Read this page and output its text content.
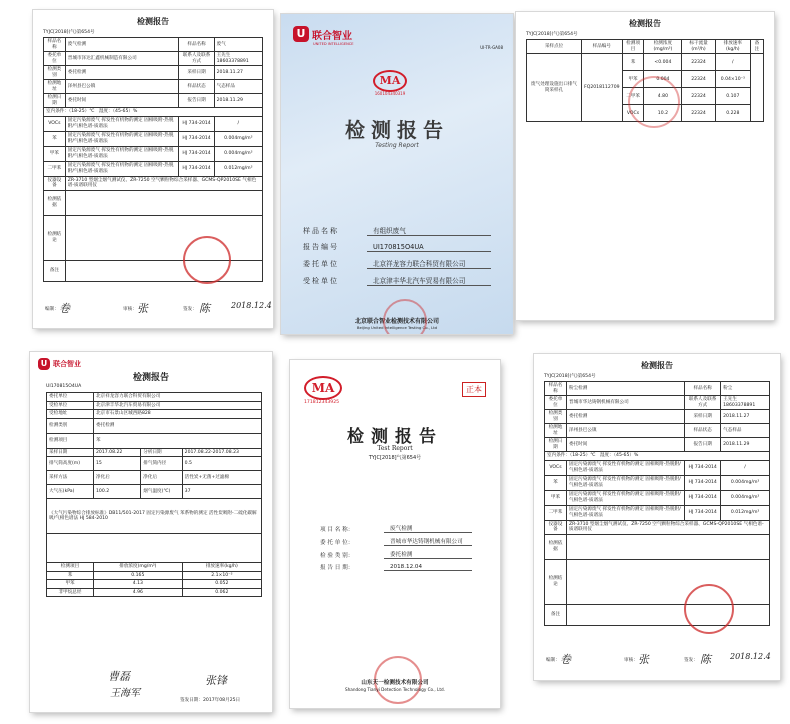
检测报告
TYJC[2018](气)第654号
样品名称	废气检测	样品名称	废气
委托单位	晋城市泽达汇鑫机械制造有限公司	联系人及联系方式	王先生 18603378891
检测类别	委托检测	采样日期	2018.11.27
检测地址	泽州县巴公镇	样品状态	气态样品
检测日期	委托时间	报告日期	2018.11.29
室内条件：（18-25）℃　湿度：（45-65）%			
VOCs	固定污染源废气 挥发性有机物的测定 固相吸附-热脱附/气相色谱-质谱法	HJ 734-2014	/
苯	固定污染源废气 挥发性有机物的测定 固相吸附-热脱附/气相色谱-质谱法	HJ 734-2014	0.004mg/m³
甲苯	固定污染源废气 挥发性有机物的测定 固相吸附-热脱附/气相色谱-质谱法	HJ 734-2014	0.004mg/m³
二甲苯	固定污染源废气 挥发性有机物的测定 固相吸附-热脱附/气相色谱-质谱法	HJ 734-2014	0.012mg/m³
仪器设备	ZR-3710 型烟尘烟气测试仪、ZR-7250 空气颗粒物综合采样器、GCMS-QP2010SE 气相色谱-质谱联用仪		
检测依据			
检测结论			
备注			
编制：	审核：	签发：
卷	张	陈	2018.12.4
U 联合智业
UNITED INTELLIGENCE
UI-TR-GA08
MA
160104340319
检测报告
Testing Report
样品名称	有组织废气
报告编号	UI170815O4UA
委托单位	北京祥龙容力联合科贸有限公司
受检单位	北京津丰华北汽车贸易有限公司
北京联合智业检测技术有限公司
Beijing United Intelligence Testing Co., Ltd
检测报告
TYJC[2018](气)第654号
采样点位	样品编号	检测项目	检测浓度(mg/m³)	标干流量(m³/h)	排放速率(kg/h)	备注
废气处理设施出口排气筒采样孔	FQ2018112709	苯	<0.004	22324	/	
		甲苯	0.004	22324	0.04×10⁻³	
		二甲苯	4.80	22324	0.107	
		VOCs	10.2	22324	0.228	
U 联合智业
检测报告
UI170815O4UA
委托单位	北京祥龙容力联合科贸有限公司		
受检单位	北京津丰华北汽车贸易有限公司		
受检地址	北京市石景山区城西路828		
检测类别	委托检测		
检测项目	苯		
采样日期	2017.08.22	分析日期	2017.08.22-2017.08.23
排气筒高度(m)	15	排气筒内径	0.5
采样方法	净化后	净化后	活性炭+无菌+过滤棉
大气压(kPa)	100.2	烟气温度(℃)	37
《大气污染物综合排放标准》DB11/501-2017 固定污染源废气 苯系物的测定 活性炭吸附-二硫化碳解吸/气相色谱法 HJ 584-2010			

检测项目	排放浓度(mg/m³)		排放速率(kg/h)
苯	0.165		2.1×10⁻³
甲苯	4.13		0.052
非甲烷总烃	4.96		0.062
曹磊
王海军
张锋
签发日期：2017年08月25日
MA
171812343925
正本
检测报告
Test Report
TYJC[2018]气第654号
项 目 名 称：	废气检测
委 托 单 位：	晋城市华达铸钢机械有限公司
检 验 类 别：	委托检测
报 告 日 期：	2018.12.04
山东天一检测技术有限公司
Shandong Tianyi Detection Technology Co., Ltd.
检测报告
TYJC[2018](气)第654号
样品名称	粉尘检测	样品名称	粉尘
委托单位	晋城市华达铸钢机械有限公司	联系人及联系方式	王先生 18603378891
检测类别	委托检测	采样日期	2018.11.27
检测地址	泽州县巴公镇	样品状态	气态样品
检测日期	委托时间	报告日期	2018.11.29
室内条件：（18-25）℃　湿度：（45-65）%			
VOCs	固定污染源废气 挥发性有机物的测定 固相吸附-热脱附/气相色谱-质谱法	HJ 734-2014	/
苯	固定污染源废气 挥发性有机物的测定 固相吸附-热脱附/气相色谱-质谱法	HJ 734-2014	0.004mg/m³
甲苯	固定污染源废气 挥发性有机物的测定 固相吸附-热脱附/气相色谱-质谱法	HJ 734-2014	0.004mg/m³
二甲苯	固定污染源废气 挥发性有机物的测定 固相吸附-热脱附/气相色谱-质谱法	HJ 734-2014	0.012mg/m³
仪器设备	ZR-3710 型烟尘烟气测试仪、ZR-7250 空气颗粒物综合采样器、GCMS-QP2010SE 气相色谱-质谱联用仪		
检测依据			
检测结论			
备注			
编制：	审核：	签发：
卷	张	陈 2018.12.4
